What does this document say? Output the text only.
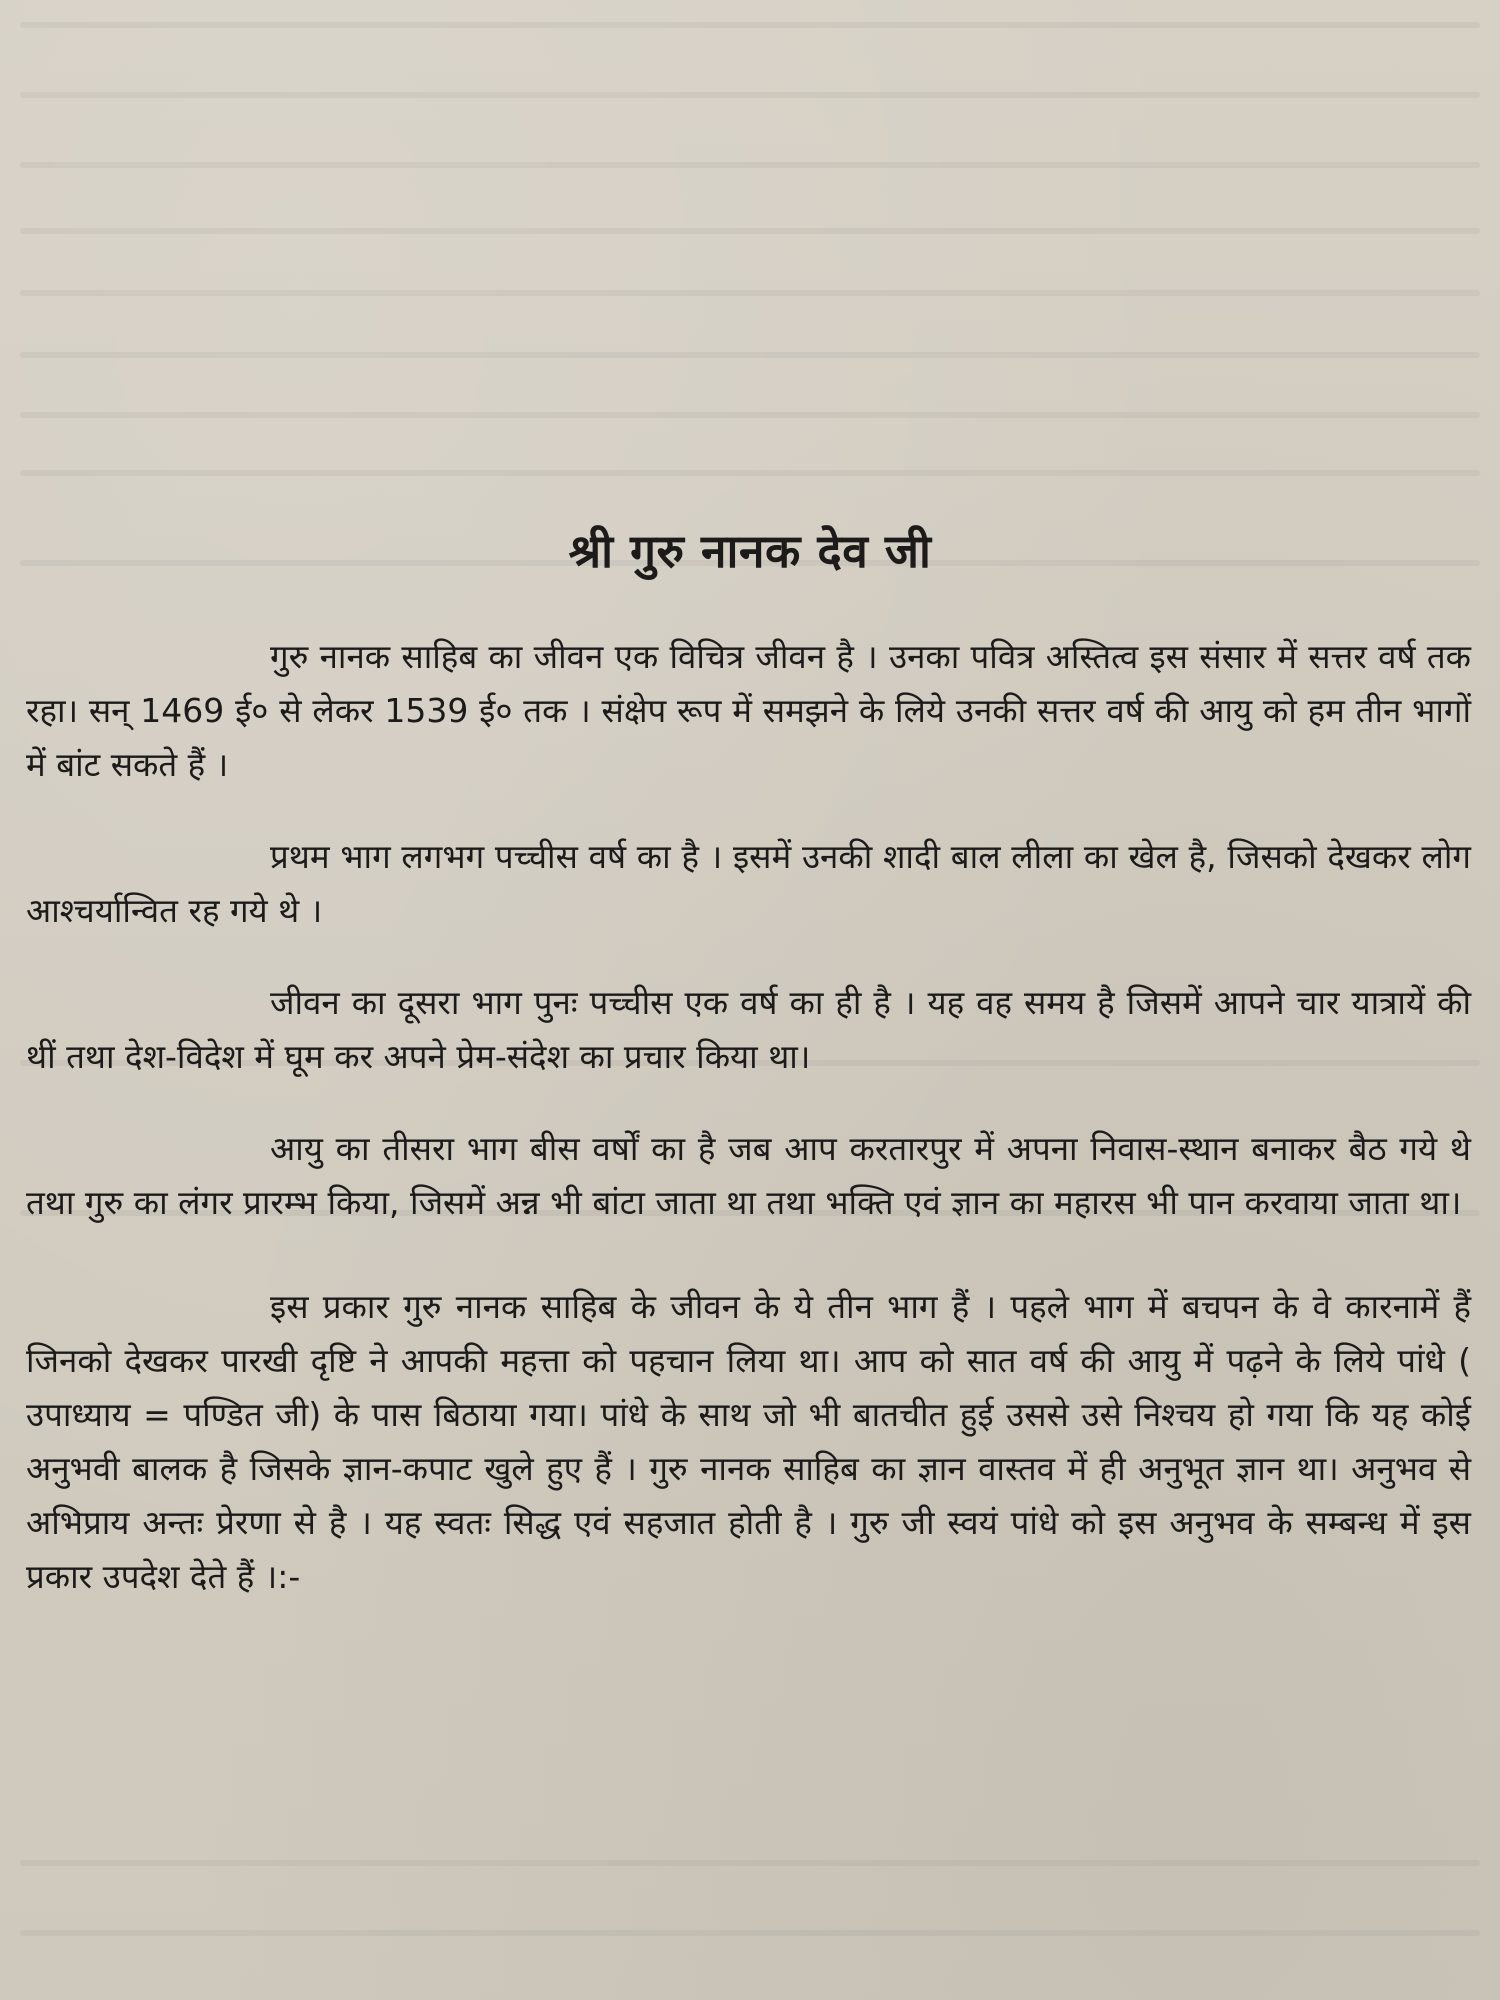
श्री गुरु नानक देव जी

गुरु नानक साहिब का जीवन एक विचित्र जीवन है । उनका पवित्र अस्तित्व इस संसार में सत्तर वर्ष तक रहा। सन् 1469 ई० से लेकर 1539 ई० तक । संक्षेप रूप में समझने के लिये उनकी सत्तर वर्ष की आयु को हम तीन भागों में बांट सकते हैं ।

प्रथम भाग लगभग पच्चीस वर्ष का है । इसमें उनकी शादी बाल लीला का खेल है, जिसको देखकर लोग आश्चर्यान्वित रह गये थे ।

जीवन का दूसरा भाग पुनः पच्चीस एक वर्ष का ही है । यह वह समय है जिसमें आपने चार यात्रायें की थीं तथा देश-विदेश में घूम कर अपने प्रेम-संदेश का प्रचार किया था।

आयु का तीसरा भाग बीस वर्षों का है जब आप करतारपुर में अपना निवास-स्थान बनाकर बैठ गये थे तथा गुरु का लंगर प्रारम्भ किया, जिसमें अन्न भी बांटा जाता था तथा भक्ति एवं ज्ञान का महारस भी पान करवाया जाता था।

इस प्रकार गुरु नानक साहिब के जीवन के ये तीन भाग हैं । पहले भाग में बचपन के वे कारनामें हैं जिनको देखकर पारखी दृष्टि ने आपकी महत्ता को पहचान लिया था। आप को सात वर्ष की आयु में पढ़ने के लिये पांधे ( उपाध्याय = पण्डित जी) के पास बिठाया गया। पांधे के साथ जो भी बातचीत हुई उससे उसे निश्चय हो गया कि यह कोई अनुभवी बालक है जिसके ज्ञान-कपाट खुले हुए हैं । गुरु नानक साहिब का ज्ञान वास्तव में ही अनुभूत ज्ञान था। अनुभव से अभिप्राय अन्तः प्रेरणा से है । यह स्वतः सिद्ध एवं सहजात होती है । गुरु जी स्वयं पांधे को इस अनुभव के सम्बन्ध में इस प्रकार उपदेश देते हैं ।:-
